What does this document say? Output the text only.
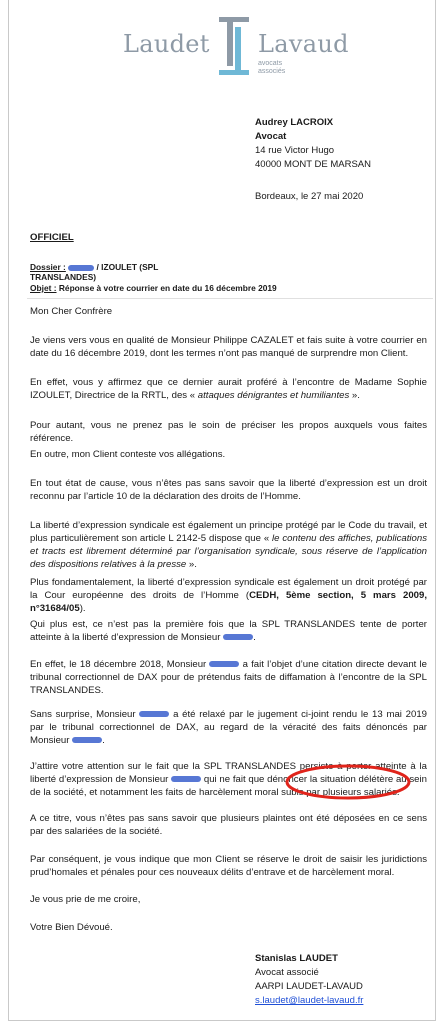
Laudet Lavaud
avocats
associés
Audrey LACROIX
Avocat
14 rue Victor Hugo
40000 MONT DE MARSAN
Bordeaux, le 27 mai 2020
OFFICIEL
Dossier :	/ IZOULET (SPL TRANSLANDES)
Objet : Réponse à votre courrier en date du 16 décembre 2019
Mon Cher Confrère
Je viens vers vous en qualité de Monsieur Philippe CAZALET et fais suite à votre courrier en date du 16 décembre 2019, dont les termes n’ont pas manqué de surprendre mon Client.
En effet, vous y affirmez que ce dernier aurait proféré à l’encontre de Madame Sophie IZOULET, Directrice de la RRTL, des « attaques dénigrantes et humiliantes ».
Pour autant, vous ne prenez pas le soin de préciser les propos auxquels vous faites référence.
En outre, mon Client conteste vos allégations.
En tout état de cause, vous n’êtes pas sans savoir que la liberté d’expression est un droit reconnu par l’article 10 de la déclaration des droits de l’Homme.
La liberté d’expression syndicale est également un principe protégé par le Code du travail, et plus particulièrement son article L 2142-5 dispose que « le contenu des affiches, publications et tracts est librement déterminé par l’organisation syndicale, sous réserve de l’application des dispositions relatives à la presse ».
Plus fondamentalement, la liberté d’expression syndicale est également un droit protégé par la Cour européenne des droits de l’Homme (CEDH, 5ème section, 5 mars 2009, n°31684/05).
Qui plus est, ce n’est pas la première fois que la SPL TRANSLANDES tente de porter atteinte à la liberté d’expression de Monsieur	.
En effet, le 18 décembre 2018, Monsieur	a fait l’objet d’une citation directe devant le tribunal correctionnel de DAX pour de prétendus faits de diffamation à l’encontre de la SPL TRANSLANDES.
Sans surprise, Monsieur	a été relaxé par le jugement ci-joint rendu le 13 mai 2019 par le tribunal correctionnel de DAX, au regard de la véracité des faits dénoncés par Monsieur	.
J’attire votre attention sur le fait que la SPL TRANSLANDES persiste à porter atteinte à la liberté d’expression de Monsieur	qui ne fait que dénoncer la situation délétère au sein de la société, et notamment les faits de harcèlement moral subis par plusieurs salariés.
A ce titre, vous n’êtes pas sans savoir que plusieurs plaintes ont été déposées en ce sens par des salariées de la société.
Par conséquent, je vous indique que mon Client se réserve le droit de saisir les juridictions prud’homales et pénales pour ces nouveaux délits d’entrave et de harcèlement moral.
Je vous prie de me croire,
Votre Bien Dévoué.
Stanislas LAUDET
Avocat associé
AARPI LAUDET-LAVAUD
s.laudet@laudet-lavaud.fr
